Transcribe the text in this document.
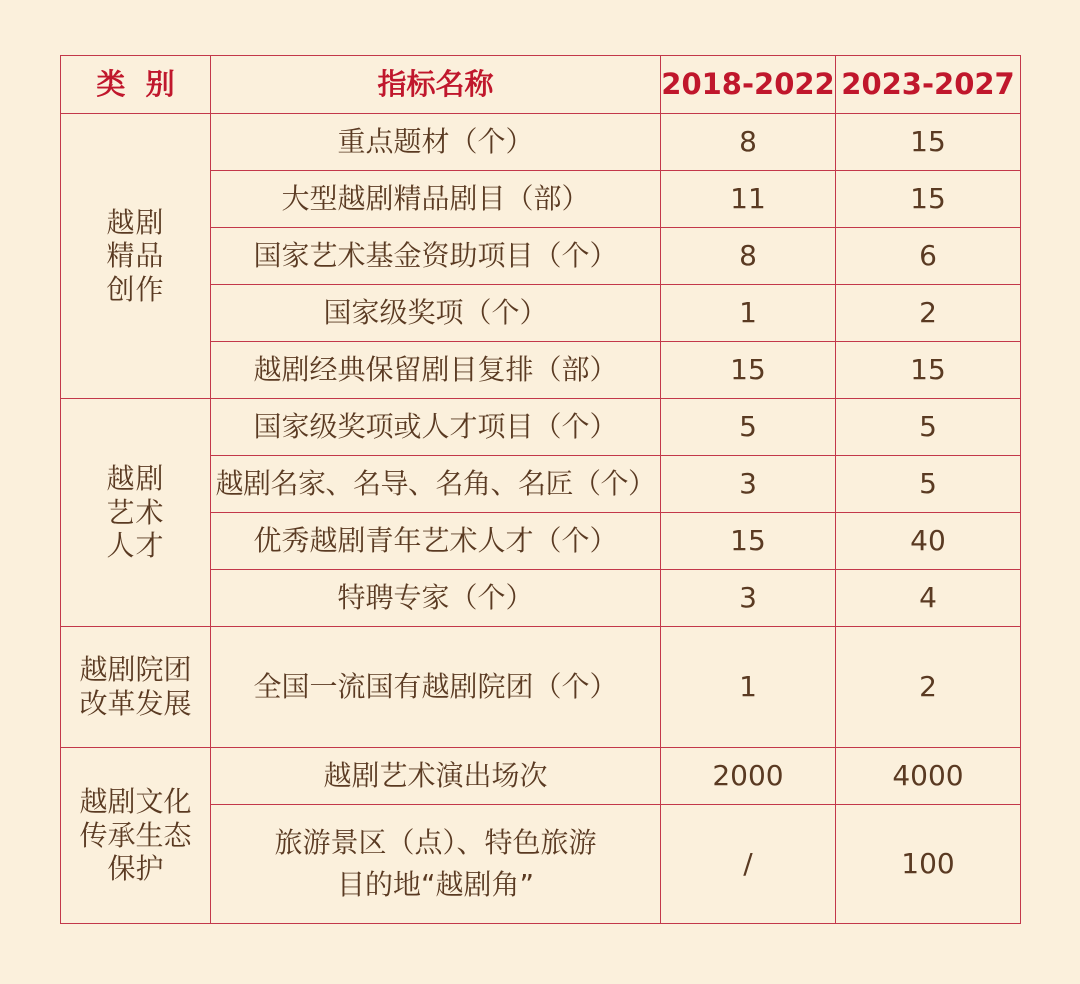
类  别	指标名称	2018-2022	2023-2027

越剧
精品
创作	重点题材（个）	8	15
	大型越剧精品剧目（部）	11	15
	国家艺术基金资助项目（个）	8	6
	国家级奖项（个）	1	2
	越剧经典保留剧目复排（部）	15	15

越剧
艺术
人才	国家级奖项或人才项目（个）	5	5
	越剧名家、名导、名角、名匠（个）	3	5
	优秀越剧青年艺术人才（个）	15	40
	特聘专家（个）	3	4

越剧院团
改革发展	全国一流国有越剧院团（个）	1	2

越剧文化
传承生态
保护	越剧艺术演出场次	2000	4000
	旅游景区（点）、特色旅游
目的地“越剧角”	/	100
